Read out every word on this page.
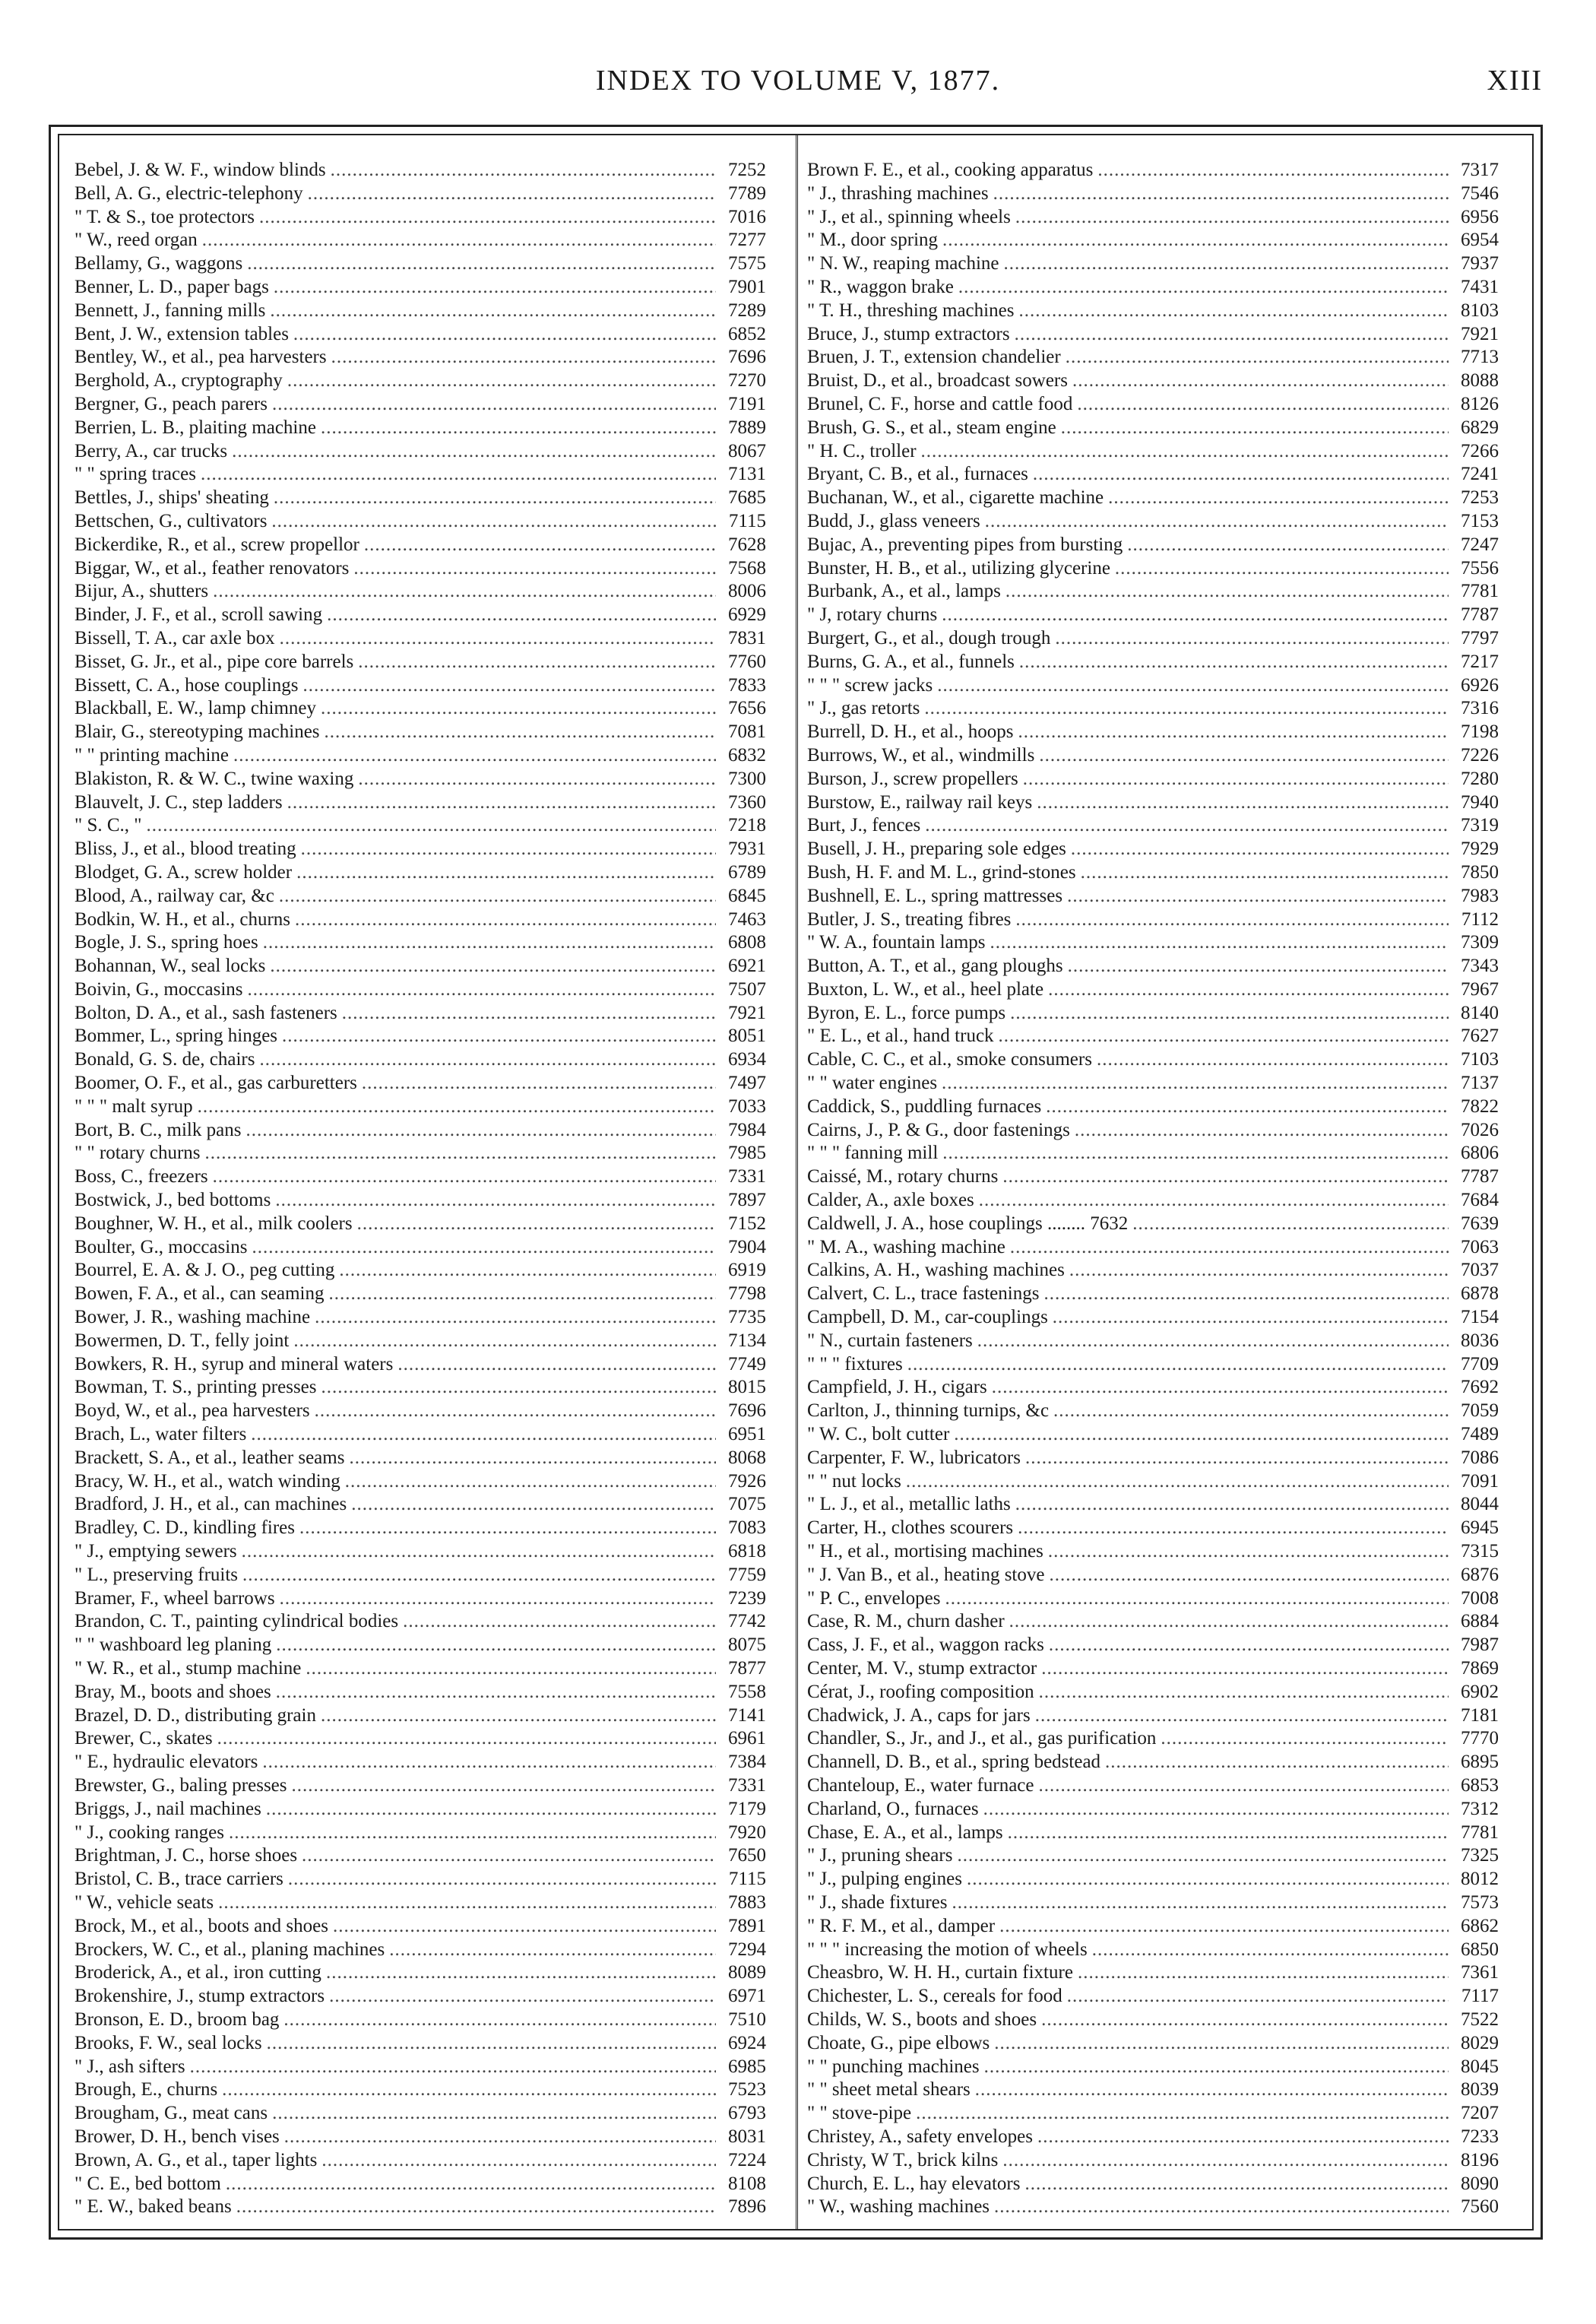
INDEX TO VOLUME V, 1877.	XIII
Bebel, J. & W. F., window blinds .....	7252
Bell, A. G., electric-telephony .....	7789
" T. & S., toe protectors .....	7016
" W., reed organ .....	7277
Bellamy, G., waggons .....	7575
Benner, L. D., paper bags .....	7901
Bennett, J., fanning mills .....	7289
Bent, J. W., extension tables .....	6852
Bentley, W., et al., pea harvesters .....	7696
Berghold, A., cryptography .....	7270
Bergner, G., peach parers .....	7191
Berrien, L. B., plaiting machine .....	7889
Berry, A., car trucks .....	8067
" " spring traces .....	7131
Bettles, J., ships' sheating .....	7685
Bettschen, G., cultivators .....	7115
Bickerdike, R., et al., screw propellor .....	7628
Biggar, W., et al., feather renovators .....	7568
Bijur, A., shutters .....	8006
Binder, J. F., et al., scroll sawing .....	6929
Bissell, T. A., car axle box .....	7831
Bisset, G. Jr., et al., pipe core barrels .....	7760
Bissett, C. A., hose couplings .....	7833
Blackball, E. W., lamp chimney .....	7656
Blair, G., stereotyping machines .....	7081
" " printing machine .....	6832
Blakiston, R. & W. C., twine waxing .....	7300
Blauvelt, J. C., step ladders .....	7360
" S. C., " .....	7218
Bliss, J., et al., blood treating .....	7931
Blodget, G. A., screw holder .....	6789
Blood, A., railway car, &c .....	6845
Bodkin, W. H., et al., churns .....	7463
Bogle, J. S., spring hoes .....	6808
Bohannan, W., seal locks .....	6921
Boivin, G., moccasins .....	7507
Bolton, D. A., et al., sash fasteners .....	7921
Bommer, L., spring hinges .....	8051
Bonald, G. S. de, chairs .....	6934
Boomer, O. F., et al., gas carburetters .....	7497
" " " malt syrup .....	7033
Bort, B. C., milk pans .....	7984
" " rotary churns .....	7985
Boss, C., freezers .....	7331
Bostwick, J., bed bottoms .....	7897
Boughner, W. H., et al., milk coolers .....	7152
Boulter, G., moccasins .....	7904
Bourrel, E. A. & J. O., peg cutting .....	6919
Bowen, F. A., et al., can seaming .....	7798
Bower, J. R., washing machine .....	7735
Bowermen, D. T., felly joint .....	7134
Bowkers, R. H., syrup and mineral waters .....	7749
Bowman, T. S., printing presses .....	8015
Boyd, W., et al., pea harvesters .....	7696
Brach, L., water filters .....	6951
Brackett, S. A., et al., leather seams .....	8068
Bracy, W. H., et al., watch winding .....	7926
Bradford, J. H., et al., can machines .....	7075
Bradley, C. D., kindling fires .....	7083
" J., emptying sewers .....	6818
" L., preserving fruits .....	7759
Bramer, F., wheel barrows .....	7239
Brandon, C. T., painting cylindrical bodies .....	7742
" " washboard leg planing .....	8075
" W. R., et al., stump machine .....	7877
Bray, M., boots and shoes .....	7558
Brazel, D. D., distributing grain .....	7141
Brewer, C., skates .....	6961
" E., hydraulic elevators .....	7384
Brewster, G., baling presses .....	7331
Briggs, J., nail machines .....	7179
" J., cooking ranges .....	7920
Brightman, J. C., horse shoes .....	7650
Bristol, C. B., trace carriers .....	7115
" W., vehicle seats .....	7883
Brock, M., et al., boots and shoes .....	7891
Brockers, W. C., et al., planing machines .....	7294
Broderick, A., et al., iron cutting .....	8089
Brokenshire, J., stump extractors .....	6971
Bronson, E. D., broom bag .....	7510
Brooks, F. W., seal locks .....	6924
" J., ash sifters .....	6985
Brough, E., churns .....	7523
Brougham, G., meat cans .....	6793
Brower, D. H., bench vises .....	8031
Brown, A. G., et al., taper lights .....	7224
" C. E., bed bottom .....	8108
" E. W., baked beans .....	7896
Brown F. E., et al., cooking apparatus .....	7317
" J., thrashing machines .....	7546
" J., et al., spinning wheels .....	6956
" M., door spring .....	6954
" N. W., reaping machine .....	7937
" R., waggon brake .....	7431
" T. H., threshing machines .....	8103
Bruce, J., stump extractors .....	7921
Bruen, J. T., extension chandelier .....	7713
Bruist, D., et al., broadcast sowers .....	8088
Brunel, C. F., horse and cattle food .....	8126
Brush, G. S., et al., steam engine .....	6829
" H. C., troller .....	7266
Bryant, C. B., et al., furnaces .....	7241
Buchanan, W., et al., cigarette machine .....	7253
Budd, J., glass veneers .....	7153
Bujac, A., preventing pipes from bursting .....	7247
Bunster, H. B., et al., utilizing glycerine .....	7556
Burbank, A., et al., lamps .....	7781
" J, rotary churns .....	7787
Burgert, G., et al., dough trough .....	7797
Burns, G. A., et al., funnels .....	7217
" " " screw jacks .....	6926
" J., gas retorts .....	7316
Burrell, D. H., et al., hoops .....	7198
Burrows, W., et al., windmills .....	7226
Burson, J., screw propellers .....	7280
Burstow, E., railway rail keys .....	7940
Burt, J., fences .....	7319
Busell, J. H., preparing sole edges .....	7929
Bush, H. F. and M. L., grind-stones .....	7850
Bushnell, E. L., spring mattresses .....	7983
Butler, J. S., treating fibres .....	7112
" W. A., fountain lamps .....	7309
Button, A. T., et al., gang ploughs .....	7343
Buxton, L. W., et al., heel plate .....	7967
Byron, E. L., force pumps .....	8140
" E. L., et al., hand truck .....	7627
Cable, C. C., et al., smoke consumers .....	7103
" " water engines .....	7137
Caddick, S., puddling furnaces .....	7822
Cairns, J., P. & G., door fastenings .....	7026
" " " fanning mill .....	6806
Caissé, M., rotary churns .....	7787
Calder, A., axle boxes .....	7684
Caldwell, J. A., hose couplings ........ 7632 .....	7639
" M. A., washing machine .....	7063
Calkins, A. H., washing machines .....	7037
Calvert, C. L., trace fastenings .....	6878
Campbell, D. M., car-couplings .....	7154
" N., curtain fasteners .....	8036
" " " fixtures .....	7709
Campfield, J. H., cigars .....	7692
Carlton, J., thinning turnips, &c .....	7059
" W. C., bolt cutter .....	7489
Carpenter, F. W., lubricators .....	7086
" " nut locks .....	7091
" L. J., et al., metallic laths .....	8044
Carter, H., clothes scourers .....	6945
" H., et al., mortising machines .....	7315
" J. Van B., et al., heating stove .....	6876
" P. C., envelopes .....	7008
Case, R. M., churn dasher .....	6884
Cass, J. F., et al., waggon racks .....	7987
Center, M. V., stump extractor .....	7869
Cérat, J., roofing composition .....	6902
Chadwick, J. A., caps for jars .....	7181
Chandler, S., Jr., and J., et al., gas purification .....	7770
Channell, D. B., et al., spring bedstead .....	6895
Chanteloup, E., water furnace .....	6853
Charland, O., furnaces .....	7312
Chase, E. A., et al., lamps .....	7781
" J., pruning shears .....	7325
" J., pulping engines .....	8012
" J., shade fixtures .....	7573
" R. F. M., et al., damper .....	6862
" " " increasing the motion of wheels .....	6850
Cheasbro, W. H. H., curtain fixture .....	7361
Chichester, L. S., cereals for food .....	7117
Childs, W. S., boots and shoes .....	7522
Choate, G., pipe elbows .....	8029
" " punching machines .....	8045
" " sheet metal shears .....	8039
" " stove-pipe .....	7207
Christey, A., safety envelopes .....	7233
Christy, W T., brick kilns .....	8196
Church, E. L., hay elevators .....	8090
" W., washing machines .....	7560
